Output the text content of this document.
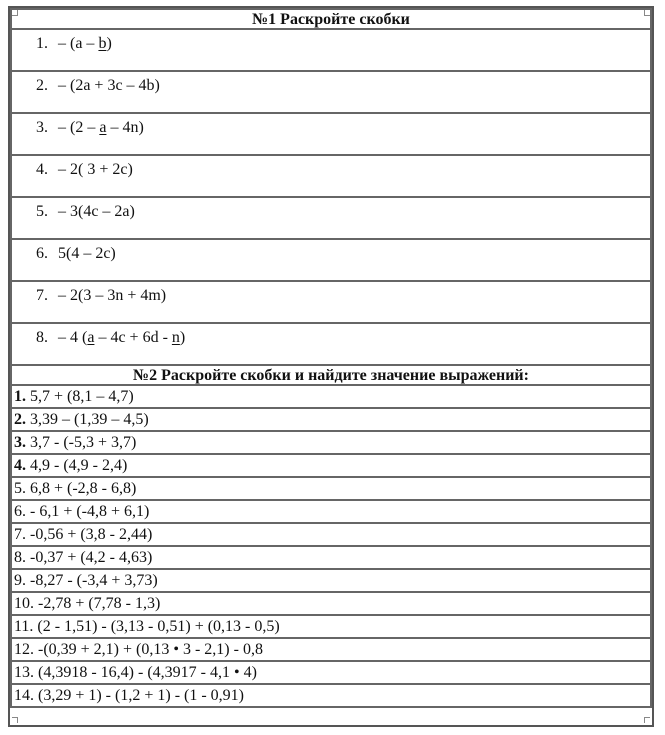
№1 Раскройте скобки

1. – (a – b)

2. – (2a + 3c – 4b)

3. – (2 – a – 4n)

4. – 2( 3 + 2c)

5. – 3(4c – 2a)

6. 5(4 – 2c)

7. – 2(3 – 3n + 4m)

8. – 4 (a – 4c + 6d - n)
№2 Раскройте скобки и найдите значение выражений:
1. 5,7 + (8,1 – 4,7)
2. 3,39 – (1,39 – 4,5)
3. 3,7 - (-5,3 + 3,7)
4. 4,9 - (4,9 - 2,4)
5. 6,8 + (-2,8 - 6,8)
6. - 6,1 + (-4,8 + 6,1)
7. -0,56 + (3,8 - 2,44)
8. -0,37 + (4,2 - 4,63)
9. -8,27 - (-3,4 + 3,73)
10. -2,78 + (7,78 - 1,3)
11. (2 - 1,51) - (3,13 - 0,51) + (0,13 - 0,5)
12. -(0,39 + 2,1) + (0,13 • 3 - 2,1) - 0,8
13. (4,3918 - 16,4) - (4,3917 - 4,1 • 4)
14. (3,29 + 1) - (1,2 + 1) - (1 - 0,91)
